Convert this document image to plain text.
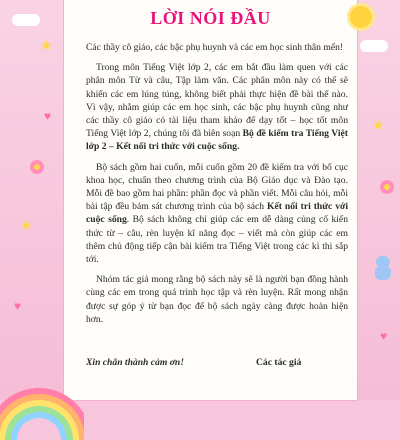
★
★
★
♥
♥
♥
LỜI NÓI ĐẦU

Các thầy cô giáo, các bậc phụ huynh và các em học sinh thân mến!

Trong môn Tiếng Việt lớp 2, các em bắt đầu làm quen với các phân môn Từ và câu, Tập làm văn. Các phân môn này có thể sẽ khiến các em lúng túng, không biết phải thực hiện đề bài thế nào. Vì vậy, nhằm giúp các em học sinh, các bậc phụ huynh cũng như các thầy cô giáo có tài liệu tham khảo để dạy tốt – học tốt môn Tiếng Việt lớp 2, chúng tôi đã biên soạn Bộ đề kiểm tra Tiếng Việt lớp 2 – Kết nối tri thức với cuộc sống.

Bộ sách gồm hai cuốn, mỗi cuốn gồm 20 đề kiểm tra với bố cục khoa học, chuẩn theo chương trình của Bộ Giáo dục và Đào tạo. Mỗi đề bao gồm hai phần: phần đọc và phần viết. Mỗi câu hỏi, mỗi bài tập đều bám sát chương trình của bộ sách Kết nối tri thức với cuộc sống. Bộ sách không chỉ giúp các em dễ dàng củng cố kiến thức từ – câu, rèn luyện kĩ năng đọc – viết mà còn giúp các em thêm chủ động tiếp cận bài kiểm tra Tiếng Việt trong các kì thi sắp tới.

Nhóm tác giả mong rằng bộ sách này sẽ là người bạn đồng hành cùng các em trong quá trình học tập và rèn luyện. Rất mong nhận được sự góp ý từ bạn đọc để bộ sách ngày càng được hoàn hiện hơn.

Xin chân thành cảm ơn!	Các tác giả
